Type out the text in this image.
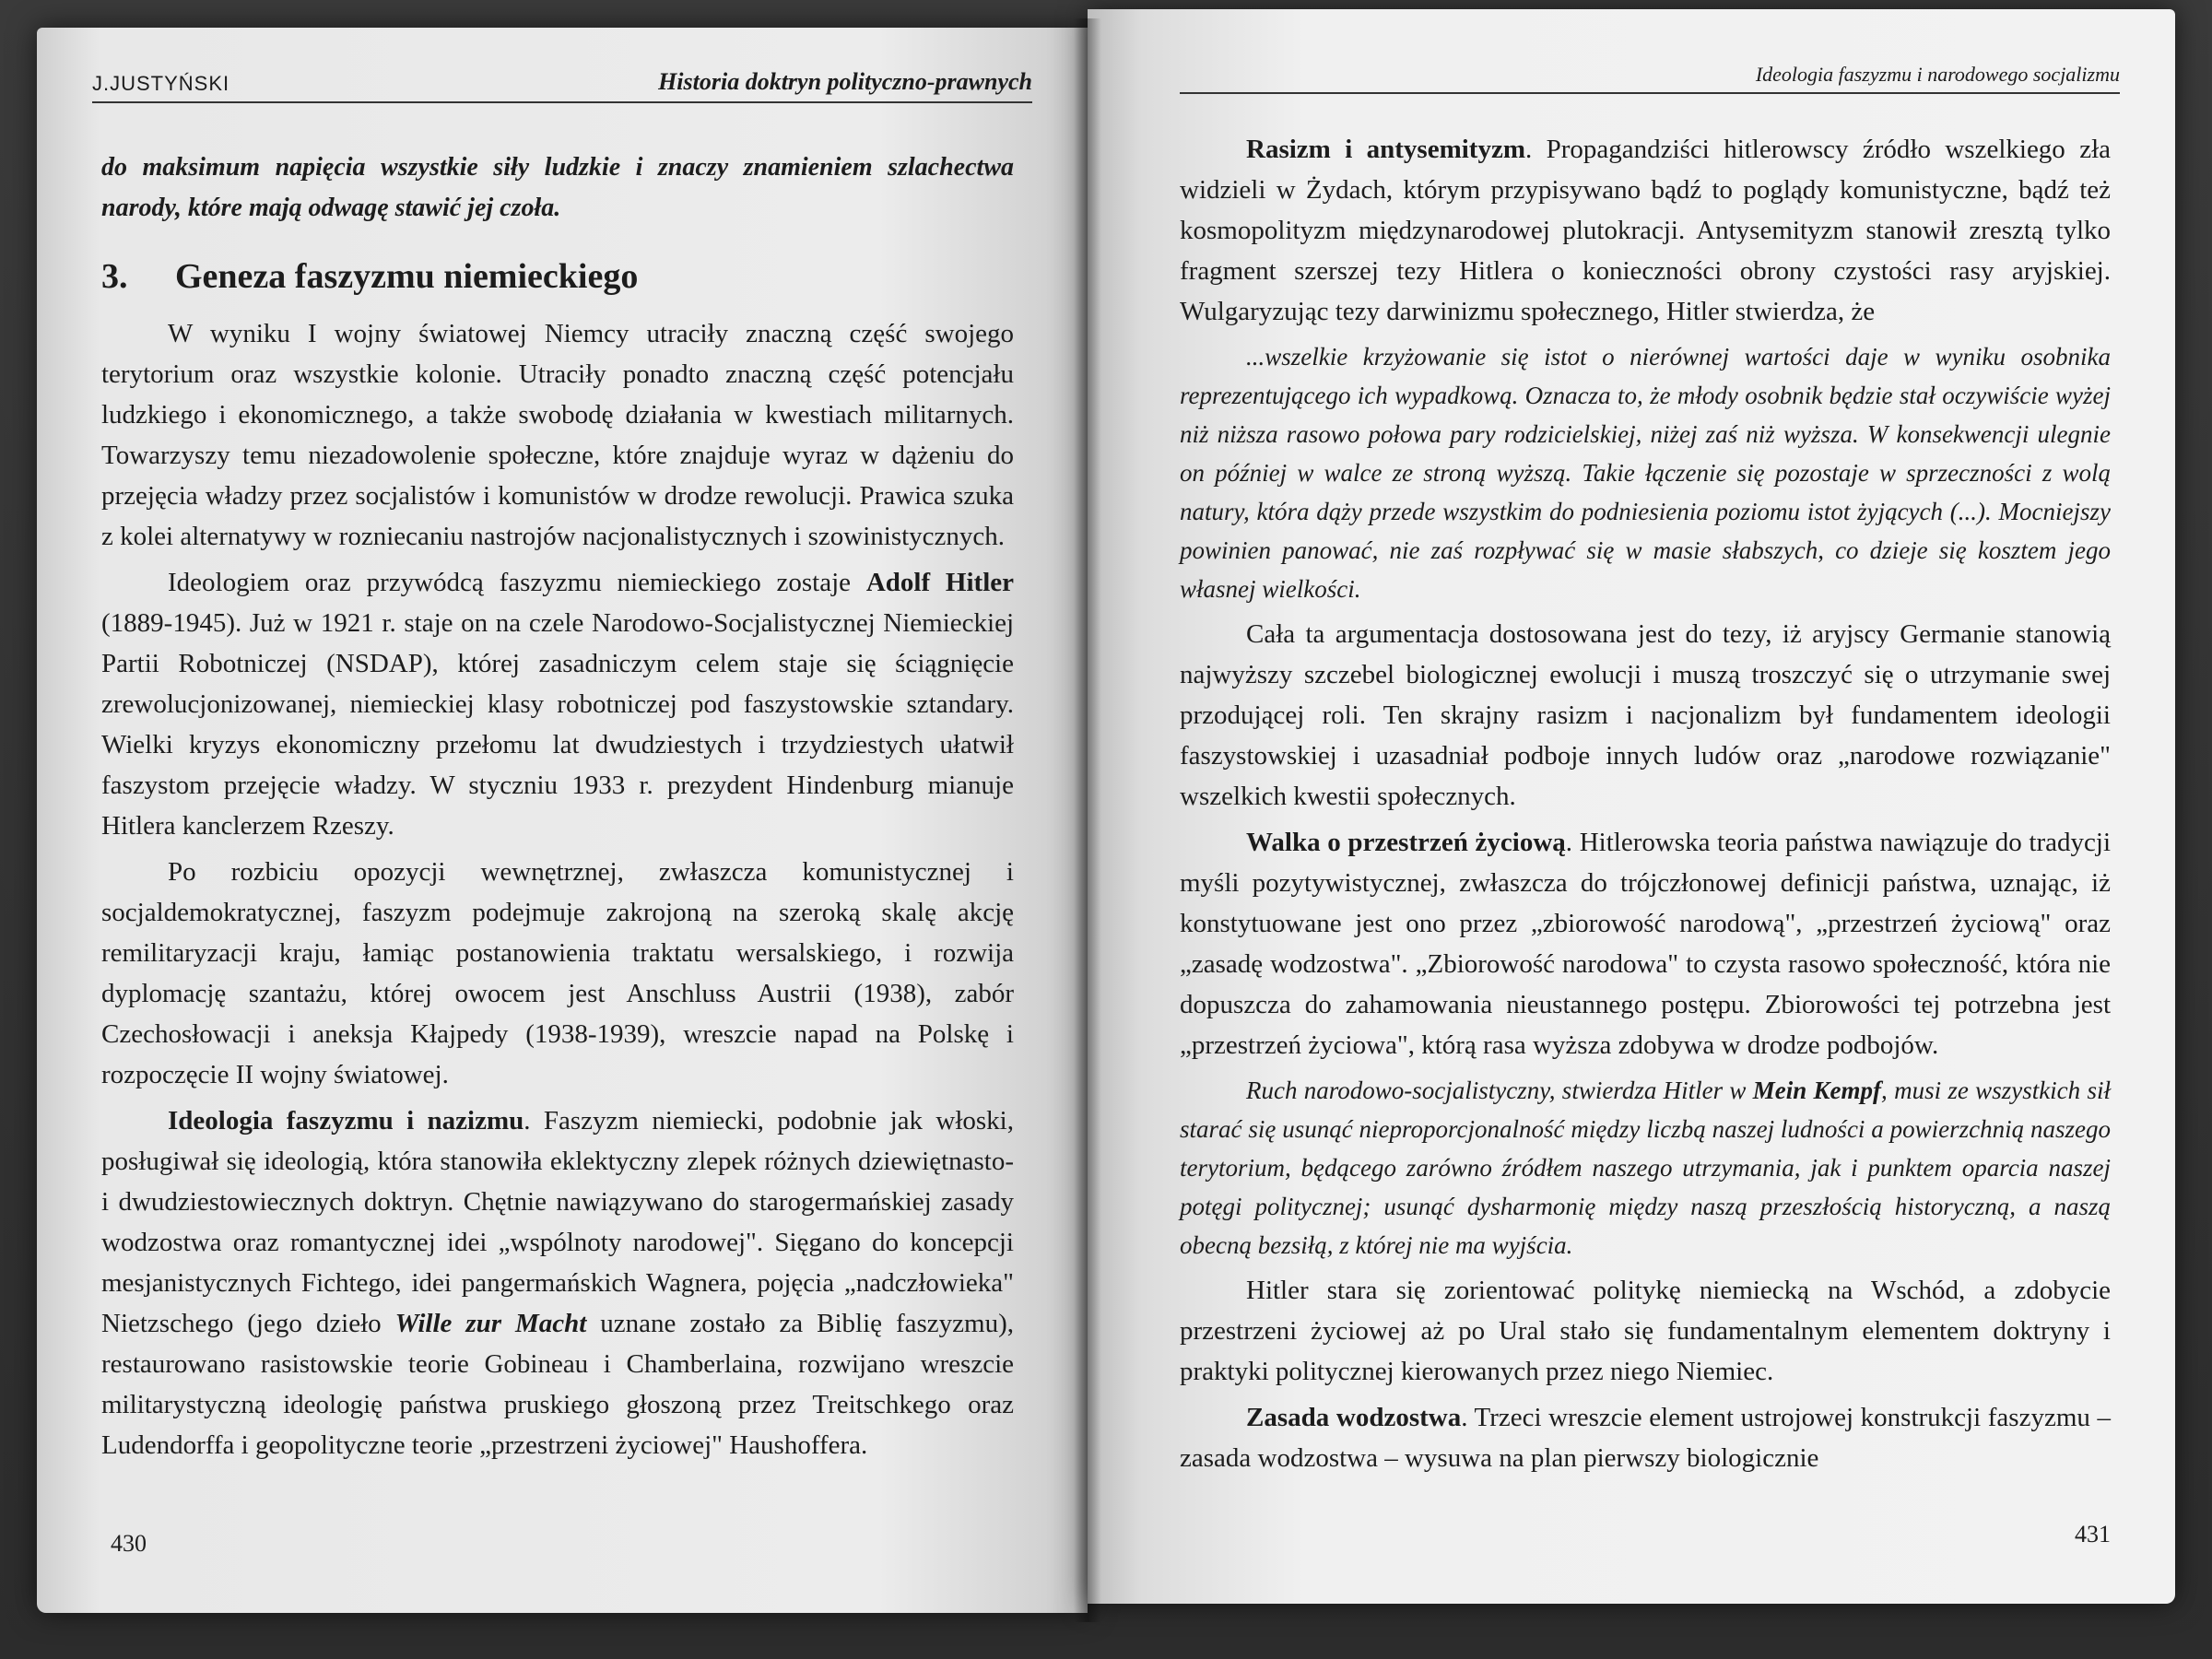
J.JUSTYŃSKI	Historia doktryn polityczno-prawnych

do maksimum napięcia wszystkie siły ludzkie i znaczy znamieniem szlachectwa narody, które mają odwagę stawić jej czoła.

3. Geneza faszyzmu niemieckiego

W wyniku I wojny światowej Niemcy utraciły znaczną część swojego terytorium oraz wszystkie kolonie. Utraciły ponadto znaczną część potencjału ludzkiego i ekonomicznego, a także swobodę działania w kwestiach militarnych. Towarzyszy temu niezadowolenie społeczne, które znajduje wyraz w dążeniu do przejęcia władzy przez socjalistów i komunistów w drodze rewolucji. Prawica szuka z kolei alternatywy w rozniecaniu nastrojów nacjonalistycznych i szowinistycznych.

Ideologiem oraz przywódcą faszyzmu niemieckiego zostaje Adolf Hitler (1889-1945). Już w 1921 r. staje on na czele Narodowo-Socjalistycznej Niemieckiej Partii Robotniczej (NSDAP), której zasadniczym celem staje się ściągnięcie zrewolucjonizowanej, niemieckiej klasy robotniczej pod faszystowskie sztandary. Wielki kryzys ekonomiczny przełomu lat dwudziestych i trzydziestych ułatwił faszystom przejęcie władzy. W styczniu 1933 r. prezydent Hindenburg mianuje Hitlera kanclerzem Rzeszy.

Po rozbiciu opozycji wewnętrznej, zwłaszcza komunistycznej i socjaldemokratycznej, faszyzm podejmuje zakrojoną na szeroką skalę akcję remilitaryzacji kraju, łamiąc postanowienia traktatu wersalskiego, i rozwija dyplomację szantażu, której owocem jest Anschluss Austrii (1938), zabór Czechosłowacji i aneksja Kłajpedy (1938-1939), wreszcie napad na Polskę i rozpoczęcie II wojny światowej.

Ideologia faszyzmu i nazizmu. Faszyzm niemiecki, podobnie jak włoski, posługiwał się ideologią, która stanowiła eklektyczny zlepek różnych dziewiętnasto- i dwudziestowiecznych doktryn. Chętnie nawiązywano do starogermańskiej zasady wodzostwa oraz romantycznej idei „wspólnoty narodowej". Sięgano do koncepcji mesjanistycznych Fichtego, idei pangermańskich Wagnera, pojęcia „nadczłowieka" Nietzschego (jego dzieło Wille zur Macht uznane zostało za Biblię faszyzmu), restaurowano rasistowskie teorie Gobineau i Chamberlaina, rozwijano wreszcie militarystyczną ideologię państwa pruskiego głoszoną przez Treitschkego oraz Ludendorffa i geopolityczne teorie „przestrzeni życiowej" Haushoffera.

430
Ideologia faszyzmu i narodowego socjalizmu

Rasizm i antysemityzm. Propagandziści hitlerowscy źródło wszelkiego zła widzieli w Żydach, którym przypisywano bądź to poglądy komunistyczne, bądź też kosmopolityzm międzynarodowej plutokracji. Antysemityzm stanowił zresztą tylko fragment szerszej tezy Hitlera o konieczności obrony czystości rasy aryjskiej. Wulgaryzując tezy darwinizmu społecznego, Hitler stwierdza, że

...wszelkie krzyżowanie się istot o nierównej wartości daje w wyniku osobnika reprezentującego ich wypadkową. Oznacza to, że młody osobnik będzie stał oczywiście wyżej niż niższa rasowo połowa pary rodzicielskiej, niżej zaś niż wyższa. W konsekwencji ulegnie on później w walce ze stroną wyższą. Takie łączenie się pozostaje w sprzeczności z wolą natury, która dąży przede wszystkim do podniesienia poziomu istot żyjących (...). Mocniejszy powinien panować, nie zaś rozpływać się w masie słabszych, co dzieje się kosztem jego własnej wielkości.

Cała ta argumentacja dostosowana jest do tezy, iż aryjscy Germanie stanowią najwyższy szczebel biologicznej ewolucji i muszą troszczyć się o utrzymanie swej przodującej roli. Ten skrajny rasizm i nacjonalizm był fundamentem ideologii faszystowskiej i uzasadniał podboje innych ludów oraz „narodowe rozwiązanie" wszelkich kwestii społecznych.

Walka o przestrzeń życiową. Hitlerowska teoria państwa nawiązuje do tradycji myśli pozytywistycznej, zwłaszcza do trójczłonowej definicji państwa, uznając, iż konstytuowane jest ono przez „zbiorowość narodową", „przestrzeń życiową" oraz „zasadę wodzostwa". „Zbiorowość narodowa" to czysta rasowo społeczność, która nie dopuszcza do zahamowania nieustannego postępu. Zbiorowości tej potrzebna jest „przestrzeń życiowa", którą rasa wyższa zdobywa w drodze podbojów.

Ruch narodowo-socjalistyczny, stwierdza Hitler w Mein Kempf, musi ze wszystkich sił starać się usunąć nieproporcjonalność między liczbą naszej ludności a powierzchnią naszego terytorium, będącego zarówno źródłem naszego utrzymania, jak i punktem oparcia naszej potęgi politycznej; usunąć dysharmonię między naszą przeszłością historyczną, a naszą obecną bezsiłą, z której nie ma wyjścia.

Hitler stara się zorientować politykę niemiecką na Wschód, a zdobycie przestrzeni życiowej aż po Ural stało się fundamentalnym elementem doktryny i praktyki politycznej kierowanych przez niego Niemiec.

Zasada wodzostwa. Trzeci wreszcie element ustrojowej konstrukcji faszyzmu – zasada wodzostwa – wysuwa na plan pierwszy biologicznie

431
